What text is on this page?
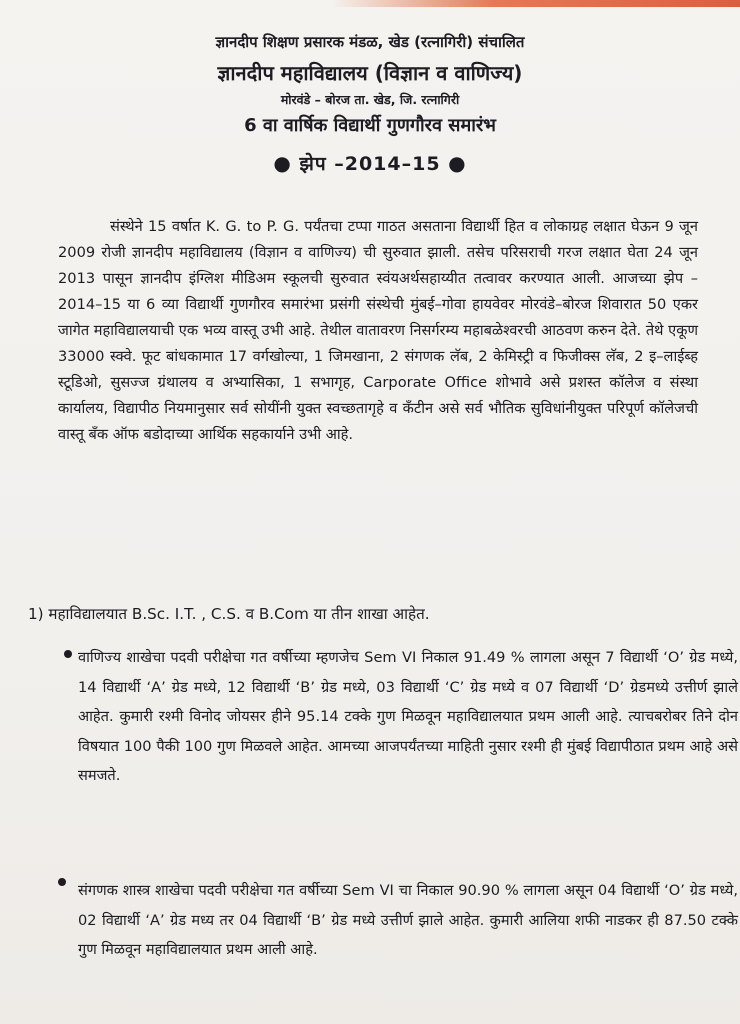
ज्ञानदीप शिक्षण प्रसारक मंडळ, खेड (रत्नागिरी) संचालित
ज्ञानदीप महाविद्यालय (विज्ञान व वाणिज्य)
मोरवंडे – बोरज ता. खेड, जि. रत्नागिरी
6 वा वार्षिक विद्यार्थी गुणगौरव समारंभ
● झेप –2014–15 ●

संस्थेने 15 वर्षात K. G. to P. G. पर्यंतचा टप्पा गाठत असताना विद्यार्थी हित व लोकाग्रह लक्षात घेऊन 9 जून 2009 रोजी ज्ञानदीप महाविद्यालय (विज्ञान व वाणिज्य) ची सुरुवात झाली. तसेच परिसराची गरज लक्षात घेता 24 जून 2013 पासून ज्ञानदीप इंग्लिश मीडिअम स्कूलची सुरुवात स्वंयअर्थसहाय्यीत तत्वावर करण्यात आली. आजच्या झेप – 2014–15 या 6 व्या विद्यार्थी गुणगौरव समारंभा प्रसंगी संस्थेची मुंबई–गोवा हायवेवर मोरवंडे–बोरज शिवारात 50 एकर जागेत महाविद्यालयाची एक भव्य वास्तू उभी आहे. तेथील वातावरण निसर्गरम्य महाबळेश्वरची आठवण करुन देते. तेथे एकूण 33000 स्क्वे. फूट बांधकामात 17 वर्गखोल्या, 1 जिमखाना, 2 संगणक लॅब, 2 केमिस्ट्री व फिजीक्स लॅब, 2 इ–लाईब्ह स्टूडिओ, सुसज्ज ग्रंथालय व अभ्यासिका, 1 सभागृह, Carporate Office शोभावे असे प्रशस्त कॉलेज व संस्था कार्यालय, विद्यापीठ नियमानुसार सर्व सोयींनी युक्त स्वच्छतागृहे व कॅंटीन असे सर्व भौतिक सुविधांनीयुक्त परिपूर्ण कॉलेजची वास्तू बॅंक ऑफ बडोदाच्या आर्थिक सहकार्याने उभी आहे.

1) महाविद्यालयात B.Sc. I.T. , C.S. व B.Com या तीन शाखा आहेत.
वाणिज्य शाखेचा पदवी परीक्षेचा गत वर्षीच्या म्हणजेच Sem VI निकाल 91.49 % लागला असून 7 विद्यार्थी ‘O’ ग्रेड मध्ये, 14 विद्यार्थी ‘A’ ग्रेड मध्ये, 12 विद्यार्थी ‘B’ ग्रेड मध्ये, 03 विद्यार्थी ‘C’ ग्रेड मध्ये व 07 विद्यार्थी ‘D’ ग्रेडमध्ये उत्तीर्ण झाले आहेत. कुमारी रश्मी विनोद जोयसर हीने 95.14 टक्के गुण मिळवून महाविद्यालयात प्रथम आली आहे. त्याचबरोबर तिने दोन विषयात 100 पैकी 100 गुण मिळवले आहेत. आमच्या आजपर्यंतच्या माहिती नुसार रश्मी ही मुंबई विद्यापीठात प्रथम आहे असे समजते.
संगणक शास्त्र शाखेचा पदवी परीक्षेचा गत वर्षीच्या Sem VI चा निकाल 90.90 % लागला असून 04 विद्यार्थी ‘O’ ग्रेड मध्ये, 02 विद्यार्थी ‘A’ ग्रेड मध्य तर 04 विद्यार्थी ‘B’ ग्रेड मध्ये उत्तीर्ण झाले आहेत. कुमारी आलिया शफी नाडकर ही 87.50 टक्के गुण मिळवून महाविद्यालयात प्रथम आली आहे.
